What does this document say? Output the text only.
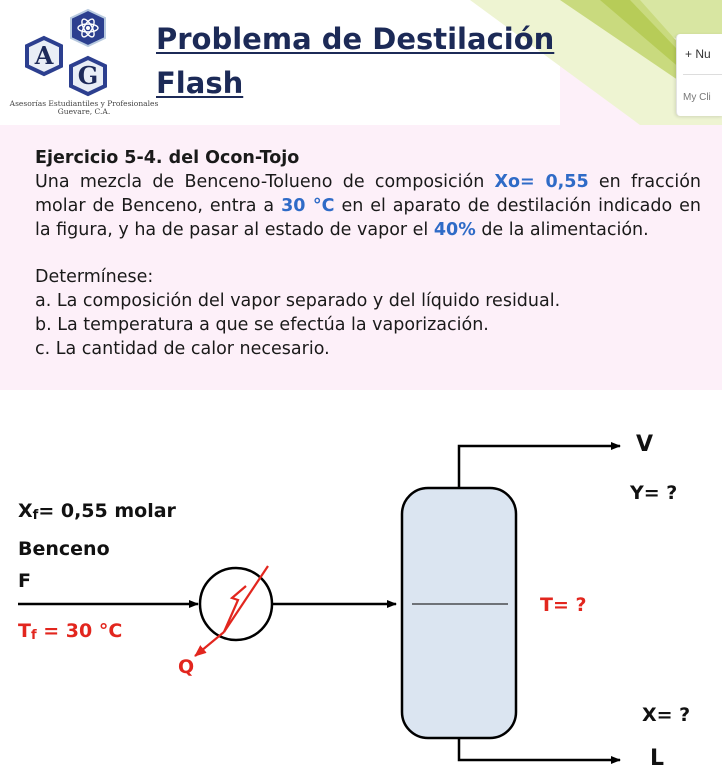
A
G
Asesorías Estudiantiles y Profesionales
Guevare, C.A.
Problema de Destilación
Flash
+ Nu
My Cli
Ejercicio 5-4. del Ocon-Tojo
Una mezcla de Benceno-Tolueno de composición Xo= 0,55 en fracción molar de Benceno, entra a 30 °C en el aparato de destilación indicado en la figura, y ha de pasar al estado de vapor el 40% de la alimentación.
Determínese:
a. La composición del vapor separado y del líquido residual.
b. La temperatura a que se efectúa la vaporización.
c. La cantidad de calor necesario.
$X_f= 0,55$ molar
Benceno
F
$T_f = 30$ °C
Q
T= ?
V
Y= ?
X= ?
L
